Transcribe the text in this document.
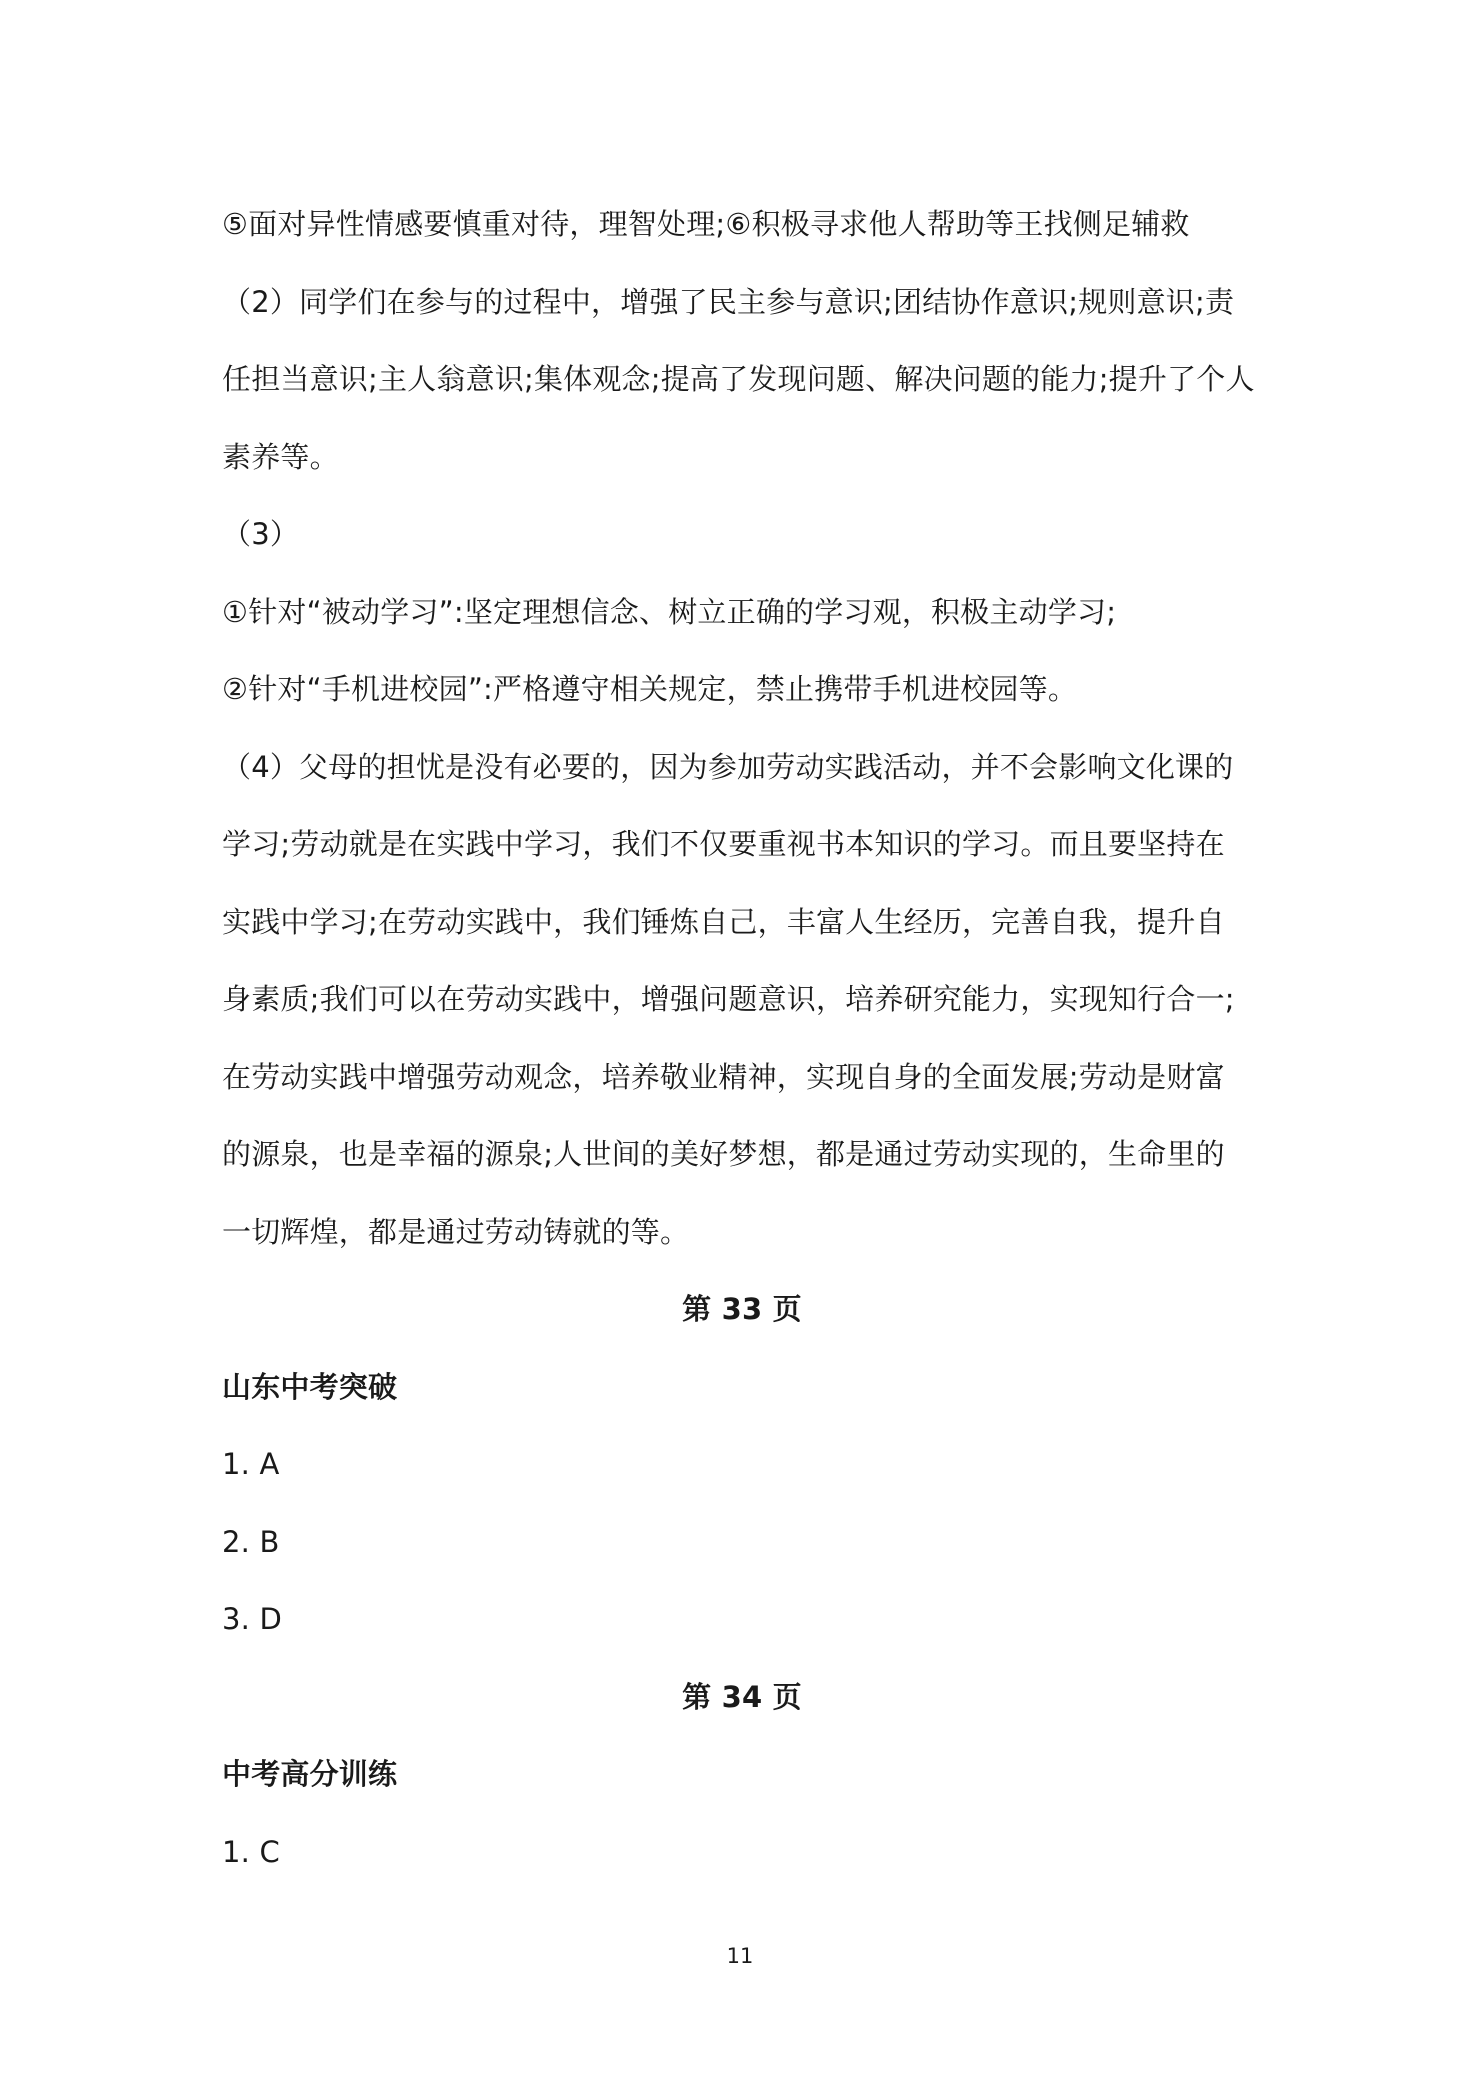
⑤面对异性情感要慎重对待，理智处理;⑥积极寻求他人帮助等王找侧足辅救
（2）同学们在参与的过程中，增强了民主参与意识;团结协作意识;规则意识;责
任担当意识;主人翁意识;集体观念;提高了发现问题、解决问题的能力;提升了个人
素养等。
（3）
①针对“被动学习”:坚定理想信念、树立正确的学习观，积极主动学习;
②针对“手机进校园”:严格遵守相关规定，禁止携带手机进校园等。
（4）父母的担忧是没有必要的，因为参加劳动实践活动，并不会影响文化课的
学习;劳动就是在实践中学习，我们不仅要重视书本知识的学习。而且要坚持在
实践中学习;在劳动实践中，我们锤炼自己，丰富人生经历，完善自我，提升自
身素质;我们可以在劳动实践中，增强问题意识，培养研究能力，实现知行合一;
在劳动实践中增强劳动观念，培养敬业精神，实现自身的全面发展;劳动是财富
的源泉，也是幸福的源泉;人世间的美好梦想，都是通过劳动实现的，生命里的
一切辉煌，都是通过劳动铸就的等。
第 33 页
山东中考突破
1. A
2. B
3. D
第 34 页
中考高分训练
1. C
11
